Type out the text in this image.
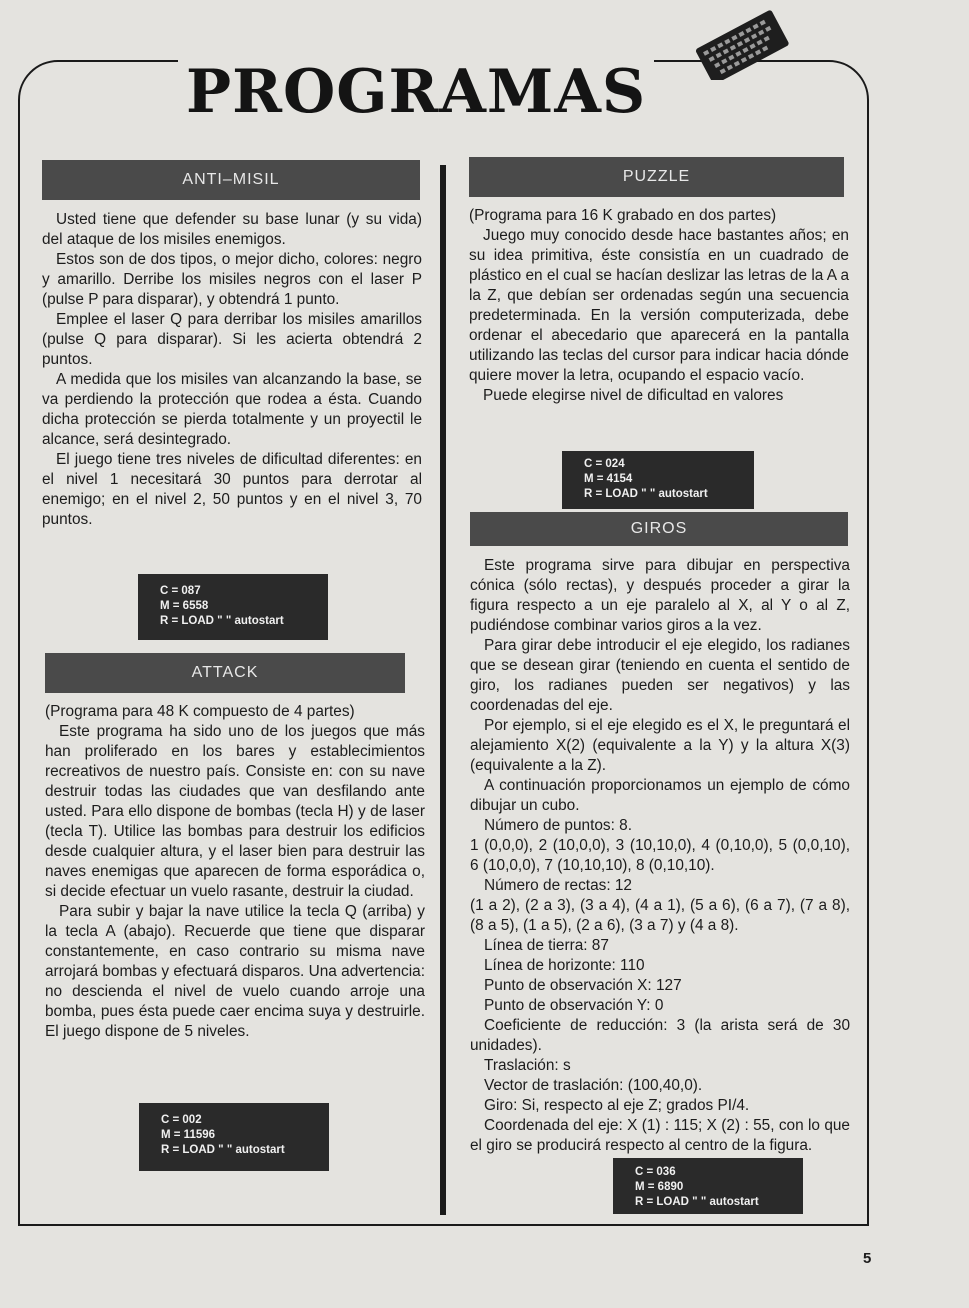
PROGRAMAS
ANTI–MISIL

Usted tiene que defender su base lunar (y su vida) del ataque de los misiles enemigos.

Estos son de dos tipos, o mejor dicho, colores: negro y amarillo. Derribe los misiles negros con el laser P (pulse P para disparar), y obtendrá 1 punto.

Emplee el laser Q para derribar los misiles amarillos (pulse Q para disparar). Si les acierta obtendrá 2 puntos.

A medida que los misiles van alcanzando la base, se va perdiendo la protección que rodea a ésta. Cuando dicha protección se pierda totalmente y un proyectil le alcance, será desintegrado.

El juego tiene tres niveles de dificultad diferentes: en el nivel 1 necesitará 30 puntos para derrotar al enemigo; en el nivel 2, 50 puntos y en el nivel 3, 70 puntos.

C = 087
M = 6558
R = LOAD " " autostart
ATTACK

(Programa para 48 K compuesto de 4 partes)

Este programa ha sido uno de los juegos que más han proliferado en los bares y establecimientos recreativos de nuestro país. Consiste en: con su nave destruir todas las ciudades que van desfilando ante usted. Para ello dispone de bombas (tecla H) y de laser (tecla T). Utilice las bombas para destruir los edificios desde cualquier altura, y el laser bien para destruir las naves enemigas que aparecen de forma esporádica o, si decide efectuar un vuelo rasante, destruir la ciudad.

Para subir y bajar la nave utilice la tecla Q (arriba) y la tecla A (abajo). Recuerde que tiene que disparar constantemente, en caso contrario su misma nave arrojará bombas y efectuará disparos. Una advertencia: no descienda el nivel de vuelo cuando arroje una bomba, pues ésta puede caer encima suya y destruirle. El juego dispone de 5 niveles.

C = 002
M = 11596
R = LOAD " " autostart
PUZZLE

(Programa para 16 K grabado en dos partes)

Juego muy conocido desde hace bastantes años; en su idea primitiva, éste consistía en un cuadrado de plástico en el cual se hacían deslizar las letras de la A a la Z, que debían ser ordenadas según una secuencia predeterminada. En la versión computerizada, debe ordenar el abecedario que aparecerá en la pantalla utilizando las teclas del cursor para indicar hacia dónde quiere mover la letra, ocupando el espacio vacío.

Puede elegirse nivel de dificultad en valores

C = 024
M = 4154
R = LOAD " " autostart
GIROS

Este programa sirve para dibujar en perspectiva cónica (sólo rectas), y después proceder a girar la figura respecto a un eje paralelo al X, al Y o al Z, pudiéndose combinar varios giros a la vez.

Para girar debe introducir el eje elegido, los radianes que se desean girar (teniendo en cuenta el sentido de giro, los radianes pueden ser negativos) y las coordenadas del eje.

Por ejemplo, si el eje elegido es el X, le preguntará el alejamiento X(2) (equivalente a la Y) y la altura X(3) (equivalente a la Z).

A continuación proporcionamos un ejemplo de cómo dibujar un cubo.

Número de puntos: 8.

1 (0,0,0), 2 (10,0,0), 3 (10,10,0), 4 (0,10,0), 5 (0,0,10), 6 (10,0,0), 7 (10,10,10), 8 (0,10,10).

Número de rectas: 12

(1 a 2), (2 a 3), (3 a 4), (4 a 1), (5 a 6), (6 a 7), (7 a 8), (8 a 5), (1 a 5), (2 a 6), (3 a 7) y (4 a 8).

Línea de tierra: 87

Línea de horizonte: 110

Punto de observación X: 127

Punto de observación Y: 0

Coeficiente de reducción: 3 (la arista será de 30 unidades).

Traslación: s

Vector de traslación: (100,40,0).

Giro: Si, respecto al eje Z; grados PI/4.

Coordenada del eje: X (1) : 115; X (2) : 55, con lo que el giro se producirá respecto al centro de la figura.

C = 036
M = 6890
R = LOAD " " autostart
5
